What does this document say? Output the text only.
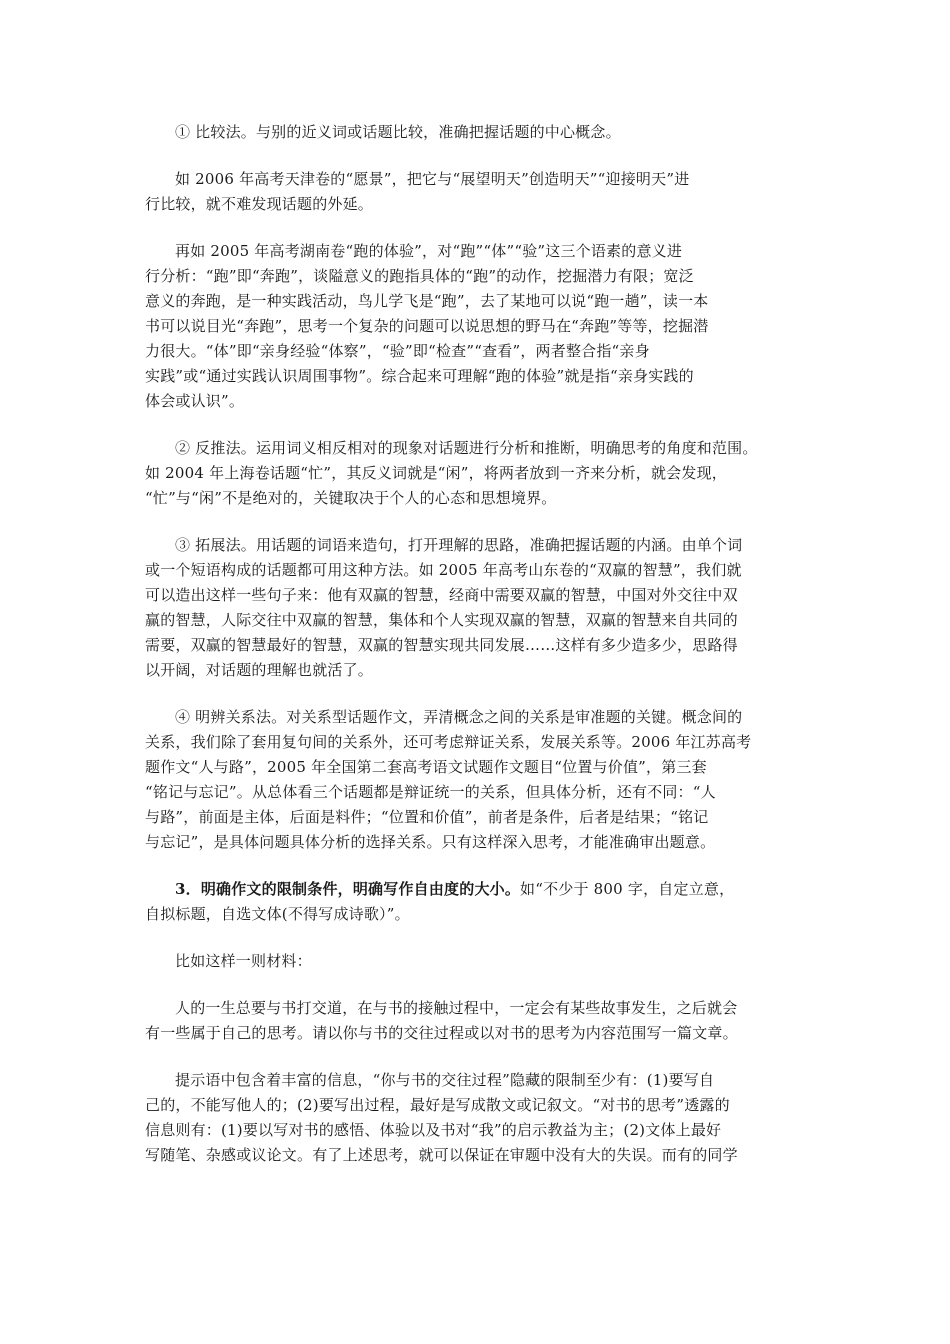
① 比较法。与别的近义词或话题比较，准确把握话题的中心概念。

如 2006 年高考天津卷的“愿景”，把它与“展望明天”创造明天”“迎接明天”进
行比较，就不难发现话题的外延。

再如 2005 年高考湖南卷“跑的体验”，对“跑”“体”“验”这三个语素的意义进
行分析：“跑”即“奔跑”，谈隘意义的跑指具体的“跑”的动作，挖掘潜力有限；宽泛
意义的奔跑，是一种实践活动，鸟儿学飞是“跑”，去了某地可以说“跑一趟”，读一本
书可以说目光“奔跑”，思考一个复杂的问题可以说思想的野马在“奔跑”等等，挖掘潜
力很大。“体”即“亲身经验“体察”，“验”即“检查”“查看”，两者整合指“亲身
实践”或“通过实践认识周围事物”。综合起来可理解“跑的体验”就是指“亲身实践的
体会或认识”。

② 反推法。运用词义相反相对的现象对话题进行分析和推断，明确思考的角度和范围。
如 2004 年上海卷话题“忙”，其反义词就是“闲”，将两者放到一齐来分析，就会发现，
“忙”与“闲”不是绝对的，关键取决于个人的心态和思想境界。

③ 拓展法。用话题的词语来造句，打开理解的思路，准确把握话题的内涵。由单个词
或一个短语构成的话题都可用这种方法。如 2005 年高考山东卷的“双赢的智慧”，我们就
可以造出这样一些句子来：他有双赢的智慧，经商中需要双赢的智慧，中国对外交往中双
赢的智慧，人际交往中双赢的智慧，集体和个人实现双赢的智慧，双赢的智慧来自共同的
需要，双赢的智慧最好的智慧，双赢的智慧实现共同发展……这样有多少造多少，思路得
以开阔，对话题的理解也就活了。

④ 明辨关系法。对关系型话题作文，弄清概念之间的关系是审准题的关键。概念间的
关系，我们除了套用复句间的关系外，还可考虑辩证关系，发展关系等。2006 年江苏高考
题作文“人与路”，2005 年全国第二套高考语文试题作文题目“位置与价值”，第三套
“铭记与忘记”。从总体看三个话题都是辩证统一的关系，但具体分析，还有不同：“人
与路”，前面是主体，后面是料件；“位置和价值”，前者是条件，后者是结果；“铭记
与忘记”，是具体问题具体分析的选择关系。只有这样深入思考，才能准确审出题意。

3．明确作文的限制条件，明确写作自由度的大小。如“不少于 800 字，自定立意，
自拟标题，自选文体(不得写成诗歌）”。

比如这样一则材料：

人的一生总要与书打交道，在与书的接触过程中，一定会有某些故事发生，之后就会
有一些属于自己的思考。请以你与书的交往过程或以对书的思考为内容范围写一篇文章。

提示语中包含着丰富的信息，“你与书的交往过程”隐藏的限制至少有：(1)要写自
己的，不能写他人的；(2)要写出过程，最好是写成散文或记叙文。“对书的思考”透露的
信息则有：(1)要以写对书的感悟、体验以及书对“我”的启示教益为主；(2)文体上最好
写随笔、杂感或议论文。有了上述思考，就可以保证在审题中没有大的失误。而有的同学
